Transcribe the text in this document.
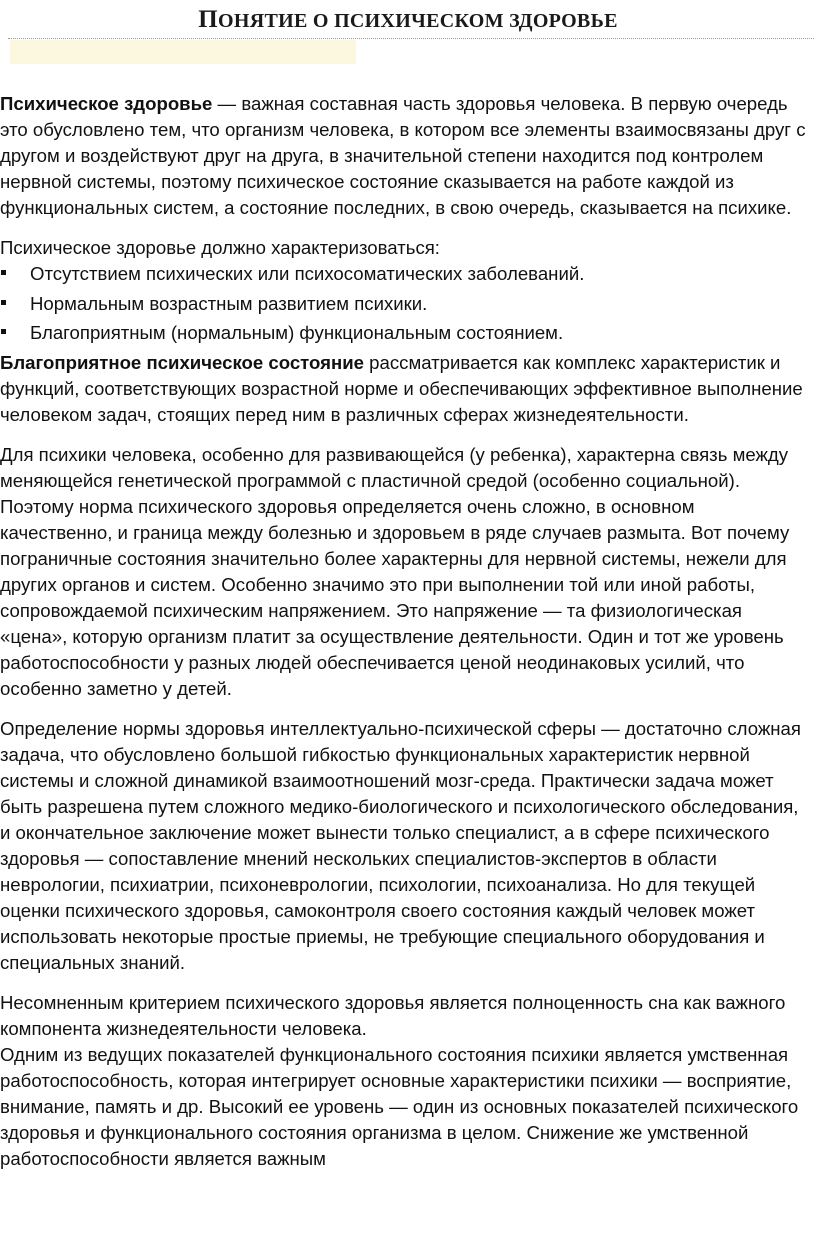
ПОНЯТИЕ О ПСИХИЧЕСКОМ ЗДОРОВЬЕ

Психическое здоровье — важная составная часть здоровья человека. В первую очередь это обусловлено тем, что организм человека, в котором все элементы взаимосвязаны друг с другом и воздействуют друг на друга, в значительной степени находится под контролем нервной системы, поэтому психическое состояние сказывается на работе каждой из функциональных систем, а состояние последних, в свою очередь, сказывается на психике.

Психическое здоровье должно характеризоваться:

Отсутствием психических или психосоматических заболеваний.
Нормальным возрастным развитием психики.
Благоприятным (нормальным) функциональным состоянием.

Благоприятное психическое состояние рассматривается как комплекс характеристик и функций, соответствующих возрастной норме и обеспечивающих эффективное выполнение человеком задач, стоящих перед ним в различных сферах жизнедеятельности.

Для психики человека, особенно для развивающейся (у ребенка), характерна связь между меняющейся генетической программой с пластичной средой (особенно социальной). Поэтому норма психического здоровья определяется очень сложно, в основном качественно, и граница между болезнью и здоровьем в ряде случаев размыта. Вот почему пограничные состояния значительно более характерны для нервной системы, нежели для других органов и систем. Особенно значимо это при выполнении той или иной работы, сопровождаемой психическим напряжением. Это напряжение — та физиологическая «цена», которую организм платит за осуществление деятельности. Один и тот же уровень работоспособности у разных людей обеспечивается ценой неодинаковых усилий, что особенно заметно у детей.

Определение нормы здоровья интеллектуально-психической сферы — достаточно сложная задача, что обусловлено большой гибкостью функциональных характеристик нервной системы и сложной динамикой взаимоотношений мозг-среда. Практически задача может быть разрешена путем сложного медико-биологического и психологического обследования, и окончательное заключение может вынести только специалист, а в сфере психического здоровья — сопоставление мнений нескольких специалистов-экспертов в области неврологии, психиатрии, психоневрологии, психологии, психоанализа. Но для текущей оценки психического здоровья, самоконтроля своего состояния каждый человек может использовать некоторые простые приемы, не требующие специального оборудования и специальных знаний.

Несомненным критерием психического здоровья является полноценность сна как важного компонента жизнедеятельности человека.

Одним из ведущих показателей функционального состояния психики является умственная работоспособность, которая интегрирует основные характеристики психики — восприятие, внимание, память и др. Высокий ее уровень — один из основных показателей психического здоровья и функционального состояния организма в целом. Снижение же умственной работоспособности является важным
